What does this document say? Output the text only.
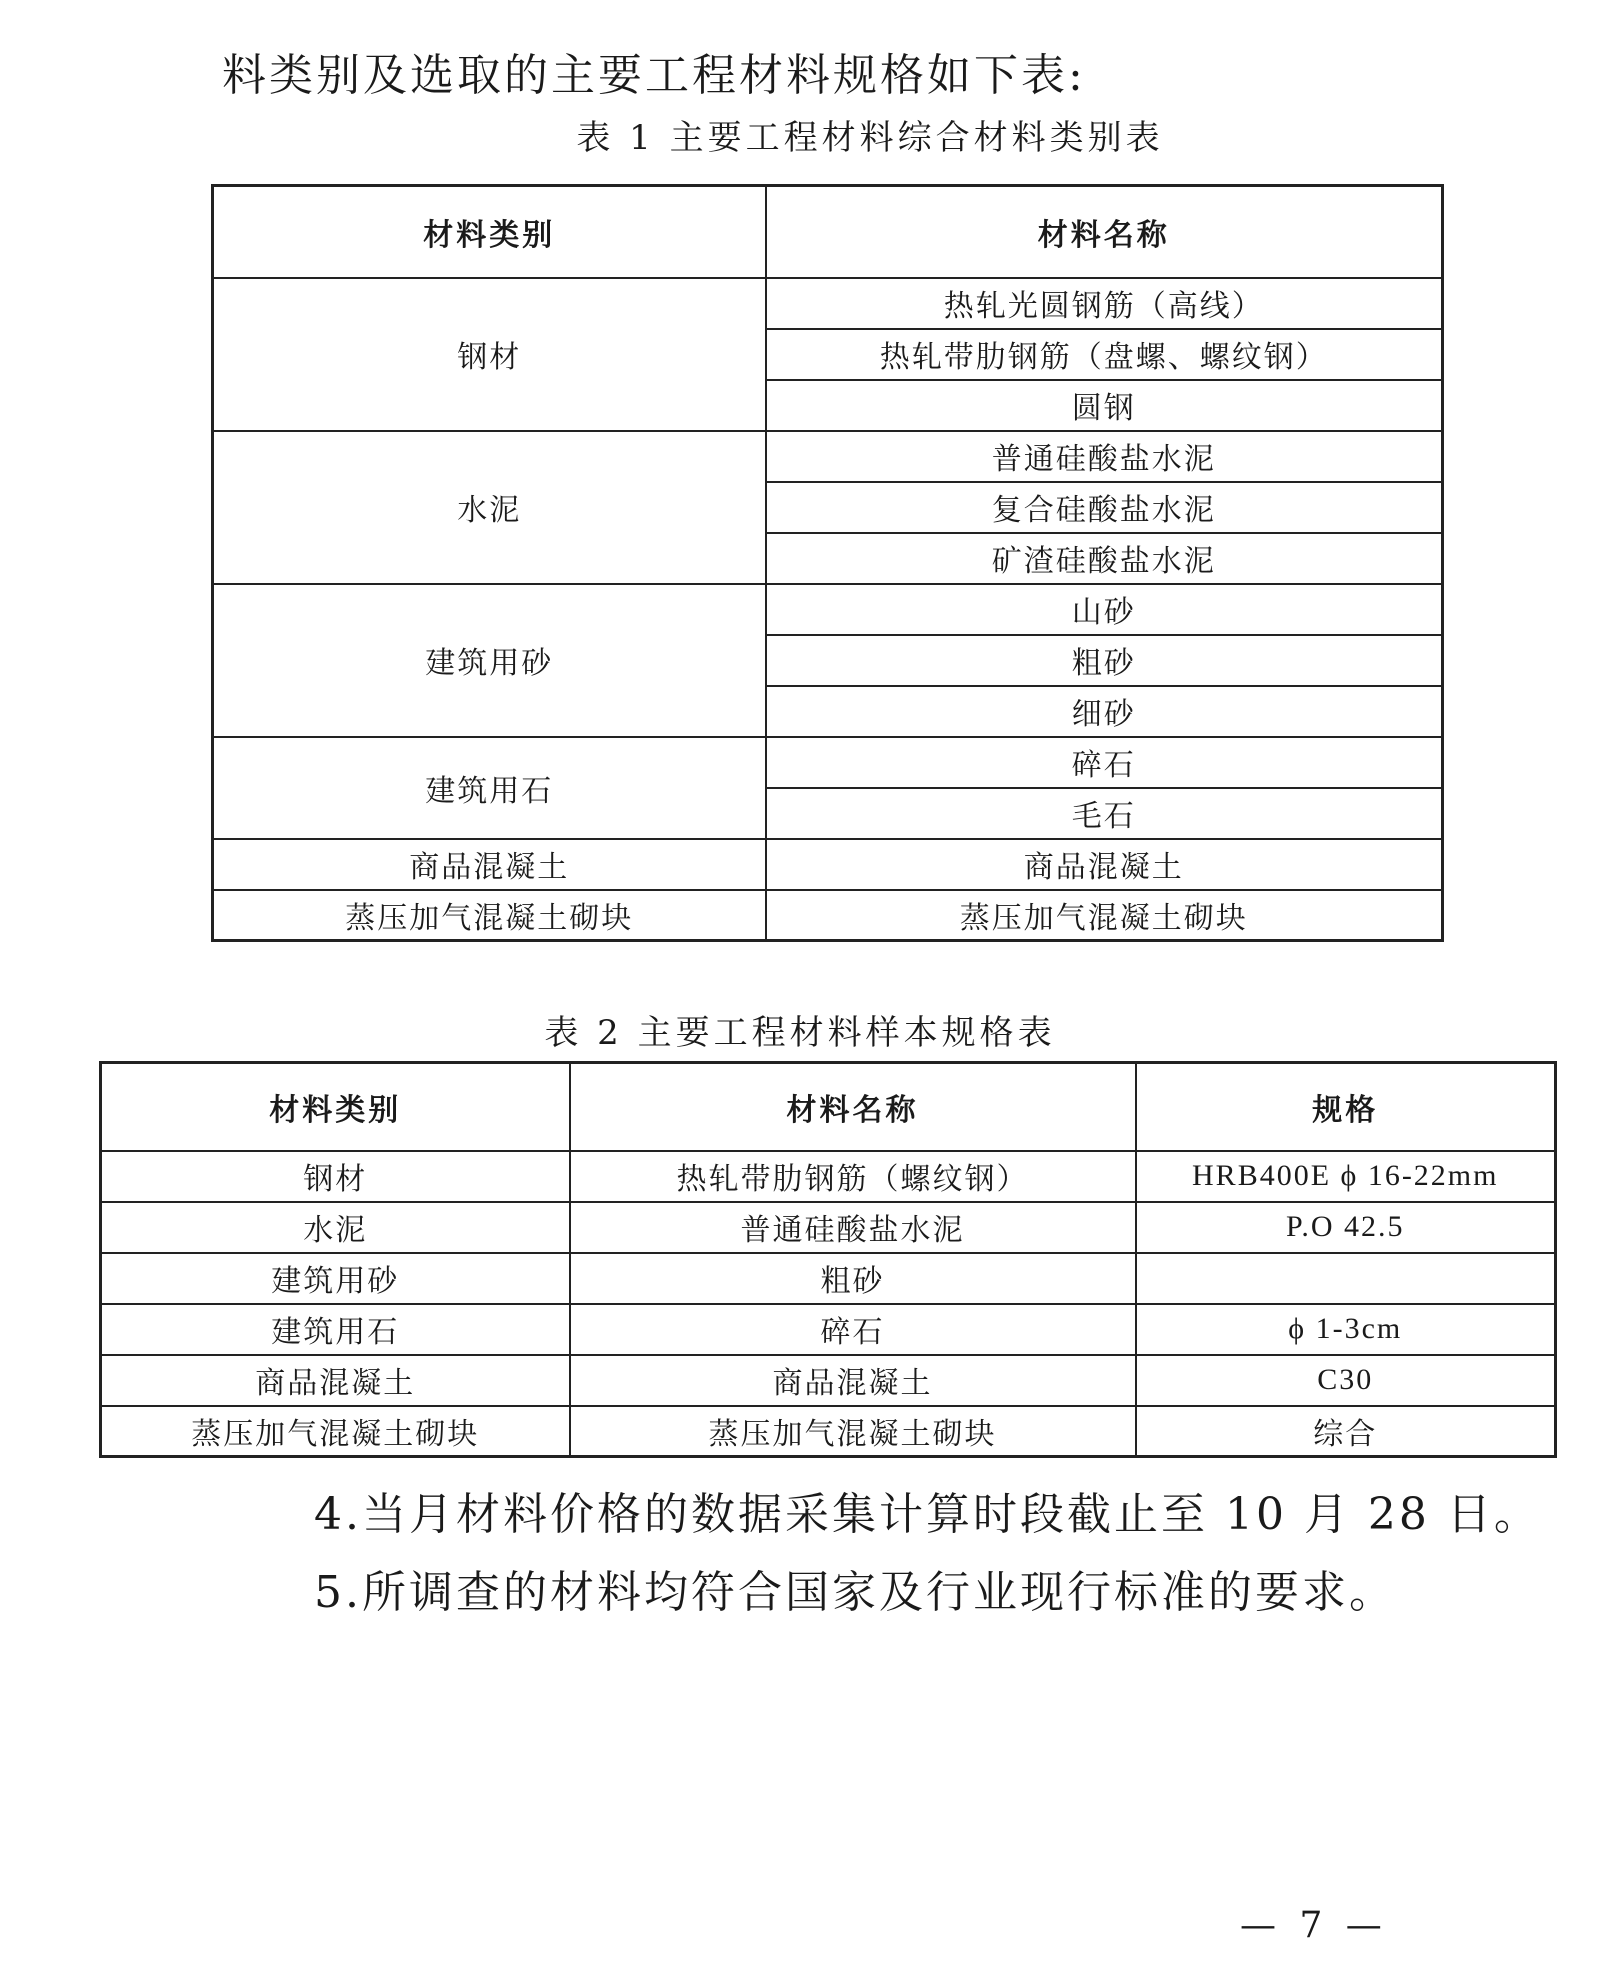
料类别及选取的主要工程材料规格如下表:
表 1 主要工程材料综合材料类别表
材料类别	材料名称
钢材	热轧光圆钢筋（高线）
	热轧带肋钢筋（盘螺、螺纹钢）
	圆钢
水泥	普通硅酸盐水泥
	复合硅酸盐水泥
	矿渣硅酸盐水泥
建筑用砂	山砂
	粗砂
	细砂
建筑用石	碎石
	毛石
商品混凝土	商品混凝土
蒸压加气混凝土砌块	蒸压加气混凝土砌块
表 2 主要工程材料样本规格表
材料类别	材料名称	规格
钢材	热轧带肋钢筋（螺纹钢）	HRB400E ϕ 16-22mm
水泥	普通硅酸盐水泥	P.O 42.5
建筑用砂	粗砂	
建筑用石	碎石	ϕ 1-3cm
商品混凝土	商品混凝土	C30
蒸压加气混凝土砌块	蒸压加气混凝土砌块	综合
4.当月材料价格的数据采集计算时段截止至 10 月 28 日。
5.所调查的材料均符合国家及行业现行标准的要求。
— 7 —
